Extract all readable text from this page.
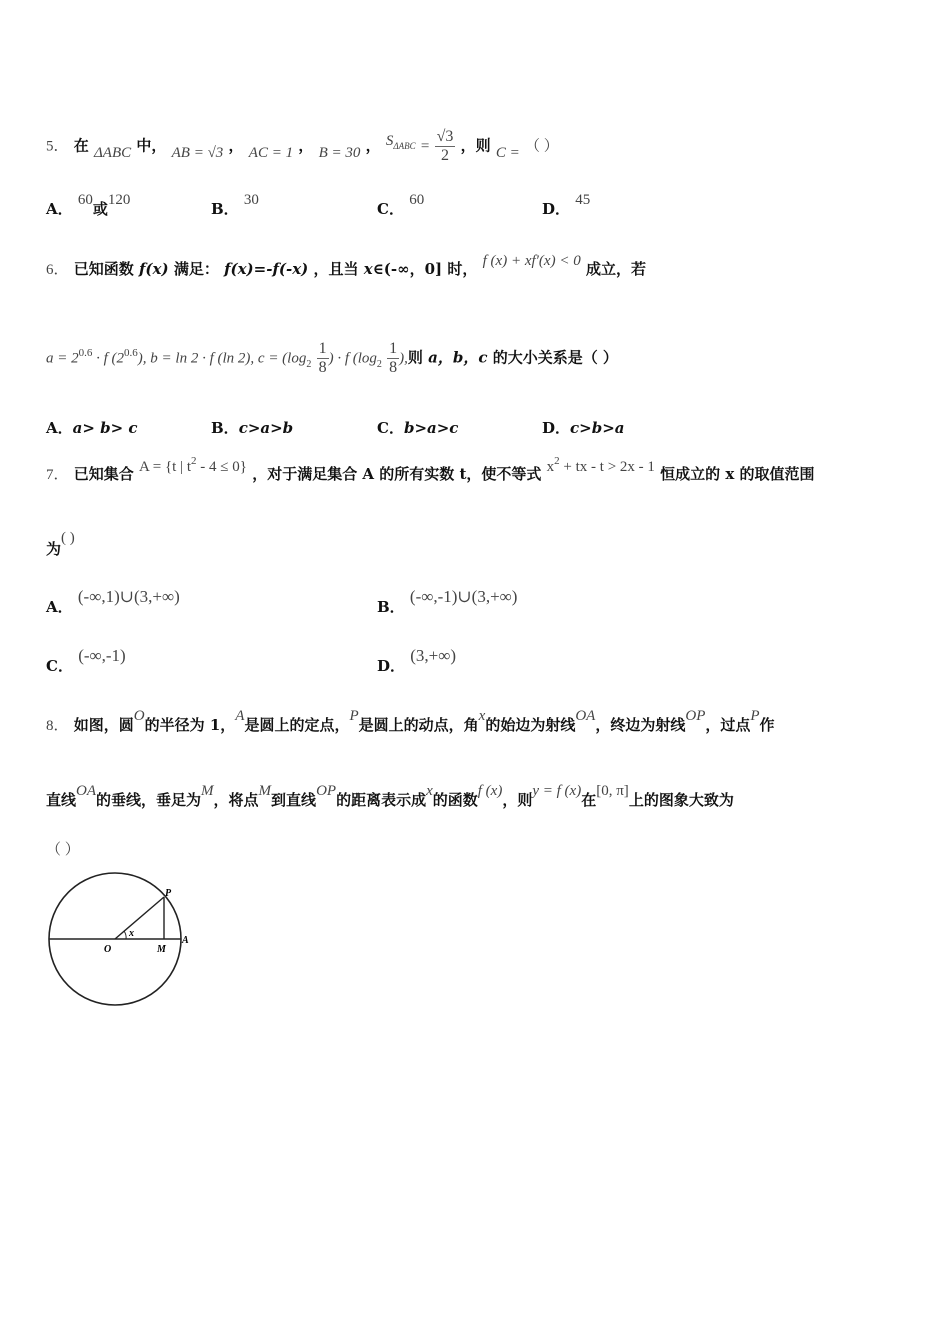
5． 在 ΔABC 中， AB = √3 ， AC = 1 ， B = 30 ， $S_{\Delta ABC} = \frac{√3}{2}$ ，则 C = （ ）
A． 60或120	B． 30	C． 60	D． 45
6． 已知函数 f(x) 满足： f(x)=-f(-x) ，且当 x∈(-∞，0] 时， f (x) + xf′(x) < 0 成立，若
$a = 2^{0.6} \cdot f$ $(2^{0.6})$, b = ln 2 · f (ln 2), $c = (\log_2 \frac{1}{8}$ ) · f ($\log_2 \frac{1}{8}$ ),则 a，b，c 的大小关系是（ ）
A．a> b> c	B．c>a>b	C．b>a>c	D．c>b>a
7． 已知集合 A = {t | $t^2 - 4 \le 0$} ，对于满足集合 A 的所有实数 t，使不等式 $x^2$ + tx - t > 2x - 1 恒成立的 x 的取值范围
为( )
A． (-∞,1)∪(3,+∞)
B． (-∞,-1)∪(3,+∞)
C． (-∞,-1)
D． (3,+∞)
8． 如图，圆O的半径为 1，A是圆上的定点，P是圆上的动点，角x的始边为射线OA，终边为射线OP，过点P作
直线OA的垂线，垂足为M，将点M到直线OP的距离表示成x的函数f (x)，则y = f (x)在[0, π]上的图象大致为
（ ）
P
O
x
M
A
